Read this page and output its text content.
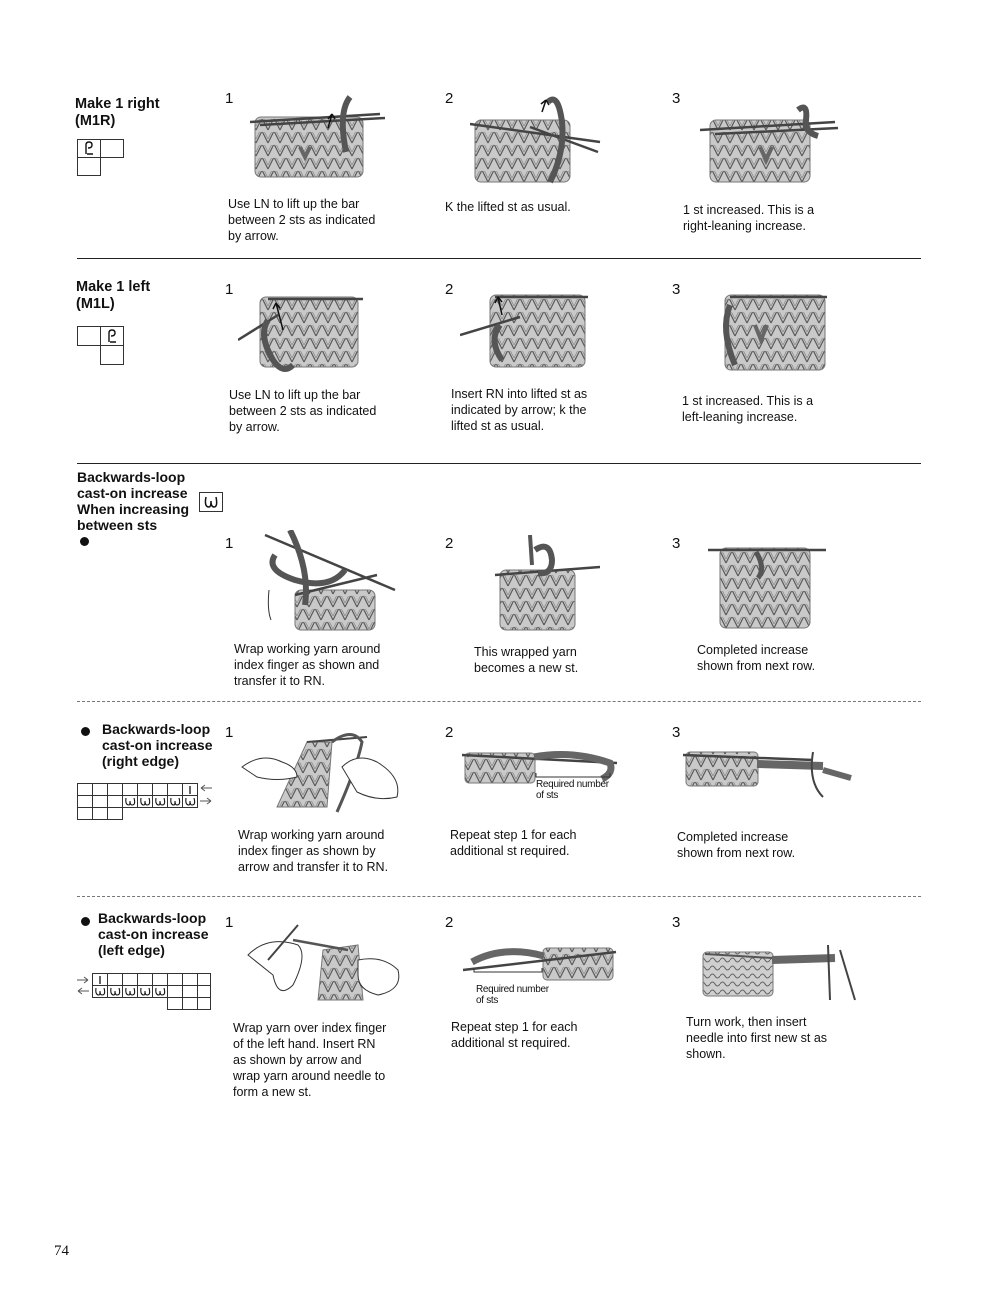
Make 1 right
(M1R)
1
Use LN to lift up the bar
between 2 sts as indicated
by arrow.
2
K the lifted st as usual.
3
1 st increased. This is a
right-leaning increase.
Make 1 left
(M1L)
1
Use LN to lift up the bar
between 2 sts as indicated
by arrow.
2
Insert RN into lifted st as
indicated by arrow; k the
lifted st as usual.
3
1 st increased. This is a
left-leaning increase.
Backwards-loop
cast-on increase
When increasing
between sts
1
Wrap working yarn around
index finger as shown and
transfer it to RN.
2
This wrapped yarn
becomes a new st.
3
Completed increase
shown from next row.
Backwards-loop
cast-on increase
(right edge)
1
Wrap working yarn around
index finger as shown by
arrow and transfer it to RN.
2
Required number
of sts
Repeat step 1 for each
additional st required.
3
Completed increase
shown from next row.
Backwards-loop
cast-on increase
(left edge)
1
Wrap yarn over index finger
of the left hand. Insert RN
as shown by arrow and
wrap yarn around needle to
form a new st.
2
Required number
of sts
Repeat step 1 for each
additional st required.
3
Turn work, then insert
needle into first new st as
shown.
74
